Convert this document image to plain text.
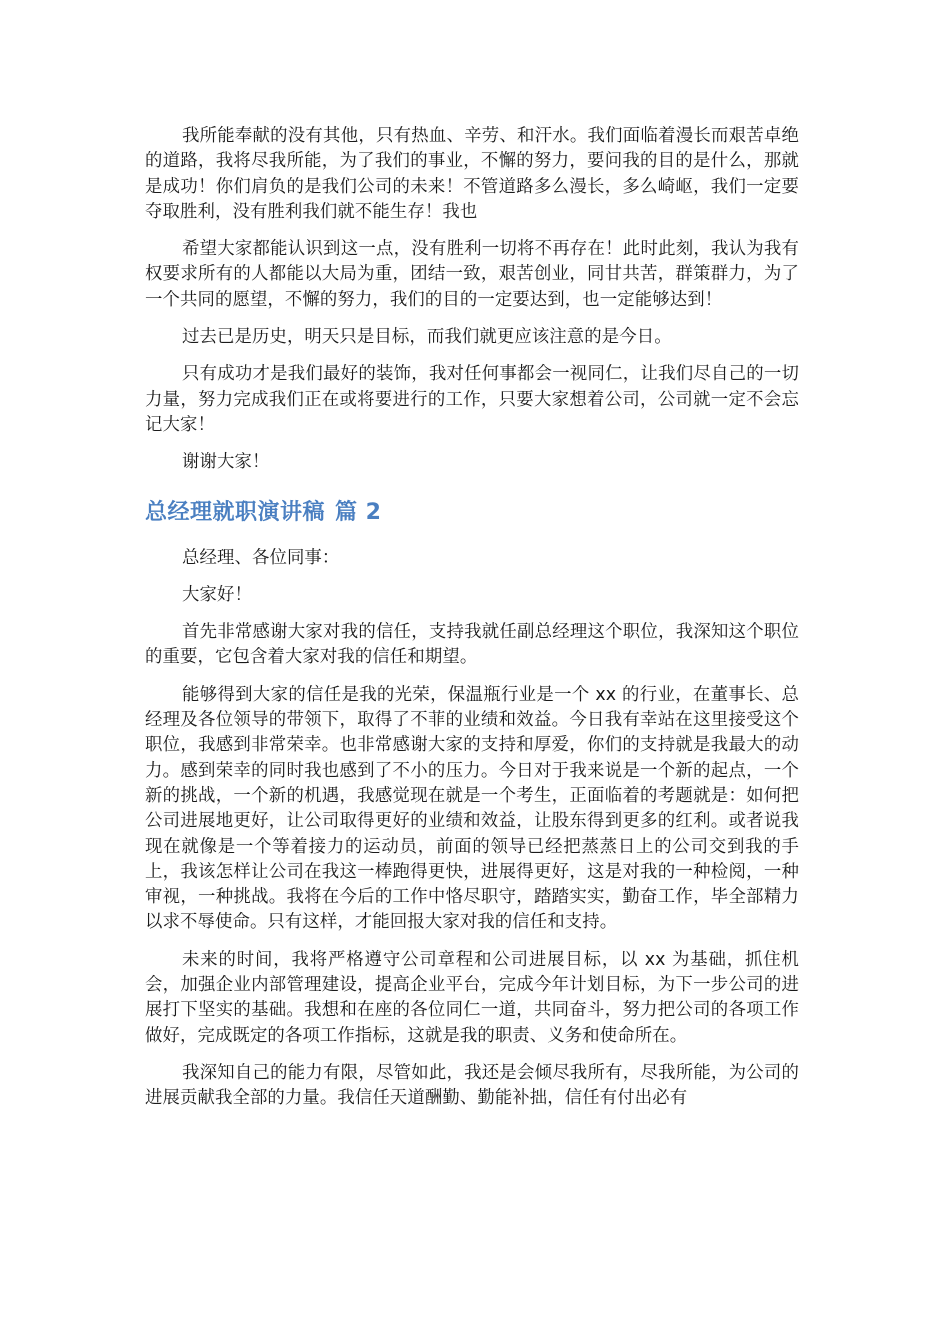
我所能奉献的没有其他，只有热血、辛劳、和汗水。我们面临着漫长而艰苦卓绝的道路，我将尽我所能，为了我们的事业，不懈的努力，要问我的目的是什么，那就是成功！你们肩负的是我们公司的未来！不管道路多么漫长，多么崎岖，我们一定要夺取胜利，没有胜利我们就不能生存！我也

希望大家都能认识到这一点，没有胜利一切将不再存在！此时此刻，我认为我有权要求所有的人都能以大局为重，团结一致，艰苦创业，同甘共苦，群策群力，为了一个共同的愿望，不懈的努力，我们的目的一定要达到，也一定能够达到！

过去已是历史，明天只是目标，而我们就更应该注意的是今日。

只有成功才是我们最好的装饰，我对任何事都会一视同仁，让我们尽自己的一切力量，努力完成我们正在或将要进行的工作，只要大家想着公司，公司就一定不会忘记大家！

谢谢大家！

总经理就职演讲稿 篇 2

总经理、各位同事：

大家好！

首先非常感谢大家对我的信任，支持我就任副总经理这个职位，我深知这个职位的重要，它包含着大家对我的信任和期望。

能够得到大家的信任是我的光荣，保温瓶行业是一个 xx 的行业，在董事长、总经理及各位领导的带领下，取得了不菲的业绩和效益。今日我有幸站在这里接受这个职位，我感到非常荣幸。也非常感谢大家的支持和厚爱，你们的支持就是我最大的动力。感到荣幸的同时我也感到了不小的压力。今日对于我来说是一个新的起点，一个新的挑战，一个新的机遇，我感觉现在就是一个考生，正面临着的考题就是：如何把公司进展地更好，让公司取得更好的业绩和效益，让股东得到更多的红利。或者说我现在就像是一个等着接力的运动员，前面的领导已经把蒸蒸日上的公司交到我的手上，我该怎样让公司在我这一棒跑得更快，进展得更好，这是对我的一种检阅，一种审视，一种挑战。我将在今后的工作中恪尽职守，踏踏实实，勤奋工作，毕全部精力以求不辱使命。只有这样，才能回报大家对我的信任和支持。

未来的时间，我将严格遵守公司章程和公司进展目标，以 xx 为基础，抓住机会，加强企业内部管理建设，提高企业平台，完成今年计划目标，为下一步公司的进展打下坚实的基础。我想和在座的各位同仁一道，共同奋斗，努力把公司的各项工作做好，完成既定的各项工作指标，这就是我的职责、义务和使命所在。

我深知自己的能力有限，尽管如此，我还是会倾尽我所有，尽我所能，为公司的进展贡献我全部的力量。我信任天道酬勤、勤能补拙，信任有付出必有
